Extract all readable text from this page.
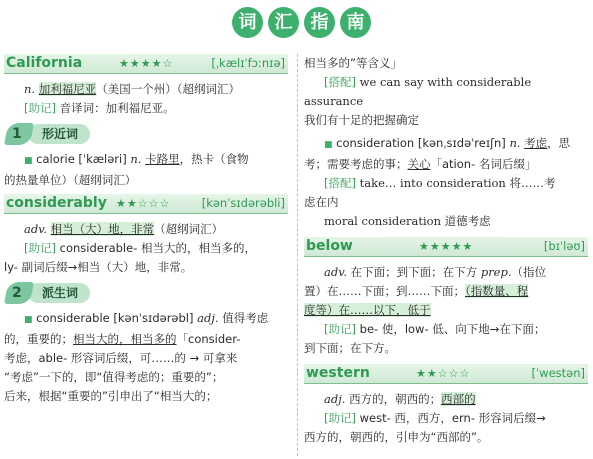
词	汇	指	南
California	★★★★☆	[ˌkælɪˈfɔːnɪə]

n. 加利福尼亚（美国一个州）（超纲词汇）

[助记] 音译词：加利福尼亚。

形近词
1

■ calorie [ˈkæləri] n. 卡路里，热卡（食物

的热量单位）（超纲词汇）

considerably ★★☆☆☆	[kənˈsɪdərəbli]

adv. 相当（大）地，非常（超纲词汇）

[助记] considerable- 相当大的，相当多的，

ly- 副词后缀→相当（大）地，非常。

派生词
2

■ considerable [kənˈsɪdərəbl] adj. 值得考虑

的，重要的；相当大的，相当多的「consider-

考虑，able- 形容词后缀，可……的 → 可拿来

“考虑”一下的，即“值得考虑的；重要的”；

后来，根据“重要的”引申出了“相当大的；

相当多的”等含义」

[搭配] we can say with considerable assurance

我们有十足的把握确定

■ consideration [kənˌsɪdəˈreɪʃn] n. 考虑，思

考；需要考虑的事；关心「ation- 名词后缀」

[搭配] take… into consideration 将……考

虑在内

moral consideration 道德考虑

below	★★★★★	[bɪˈləʊ]

adv. 在下面；到下面；在下方 prep.（指位

置）在……下面；到……下面；（指数量、程

度等）在……以下，低于

[助记] be- 使，low- 低、向下地→在下面；

到下面；在下方。

western	★★☆☆☆	[ˈwestən]

adj. 西方的，朝西的；西部的

[助记] west- 西，西方，ern- 形容词后缀→

西方的，朝西的，引申为“西部的”。
